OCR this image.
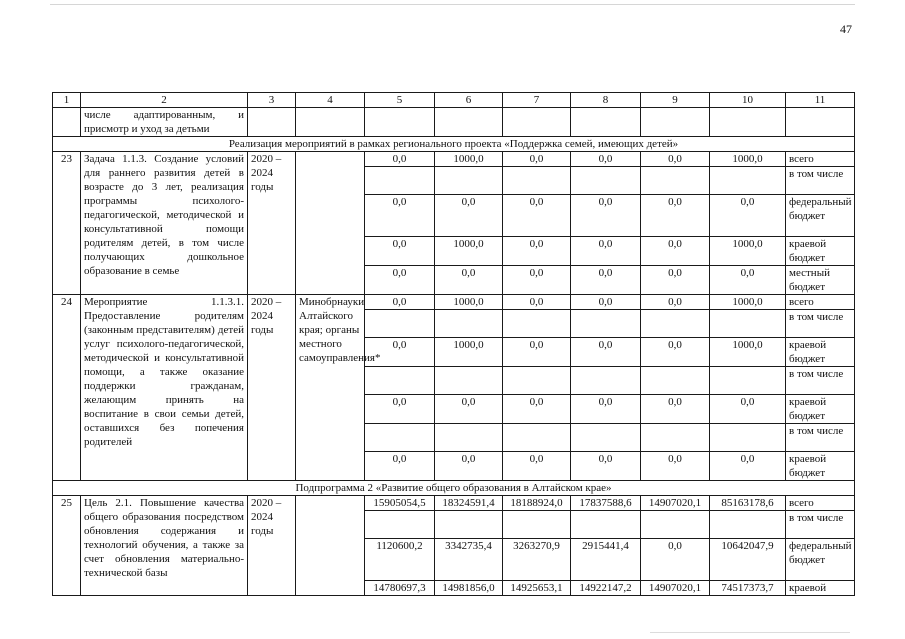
47
1	2	3	4	5	6	7	8	9	10	11
	числе адаптированным, и присмотр и уход за детьми									
Реализация мероприятий в рамках регионального проекта «Поддержка семей, имеющих детей»										
23	Задача 1.1.3. Создание условий для раннего развития детей в возрасте до 3 лет, реализация программы психолого-педагогической, методической и консультативной помощи родителям детей, в том числе получающих дошкольное образование в семье	2020 – 2024 годы		0,0	1000,0	0,0	0,0	0,0	1000,0	всего
										в том числе
				0,0	0,0	0,0	0,0	0,0	0,0	федеральный бюджет
				0,0	1000,0	0,0	0,0	0,0	1000,0	краевой бюджет
				0,0	0,0	0,0	0,0	0,0	0,0	местный бюджет
24	Мероприятие 1.1.3.1. Предоставление родителям (законным представителям) детей услуг психолого-педагогической, методической и консультативной помощи, а также оказание поддержки гражданам, желающим принять на воспитание в свои семьи детей, оставшихся без попечения родителей	2020 – 2024 годы	Минобрнауки Алтайского края; органы местного самоуправления*	0,0	1000,0	0,0	0,0	0,0	1000,0	всего
										в том числе
				0,0	1000,0	0,0	0,0	0,0	1000,0	краевой бюджет
										в том числе
				0,0	0,0	0,0	0,0	0,0	0,0	краевой бюджет
										в том числе
				0,0	0,0	0,0	0,0	0,0	0,0	краевой бюджет
Подпрограмма 2 «Развитие общего образования в Алтайском крае»										
25	Цель 2.1. Повышение качества общего образования посредством обновления содержания и технологий обучения, а также за счет обновления материально-технической базы	2020 – 2024 годы		15905054,5	18324591,4	18188924,0	17837588,6	14907020,1	85163178,6	всего
										в том числе
				1120600,2	3342735,4	3263270,9	2915441,4	0,0	10642047,9	федеральный бюджет
				14780697,3	14981856,0	14925653,1	14922147,2	14907020,1	74517373,7	краевой
